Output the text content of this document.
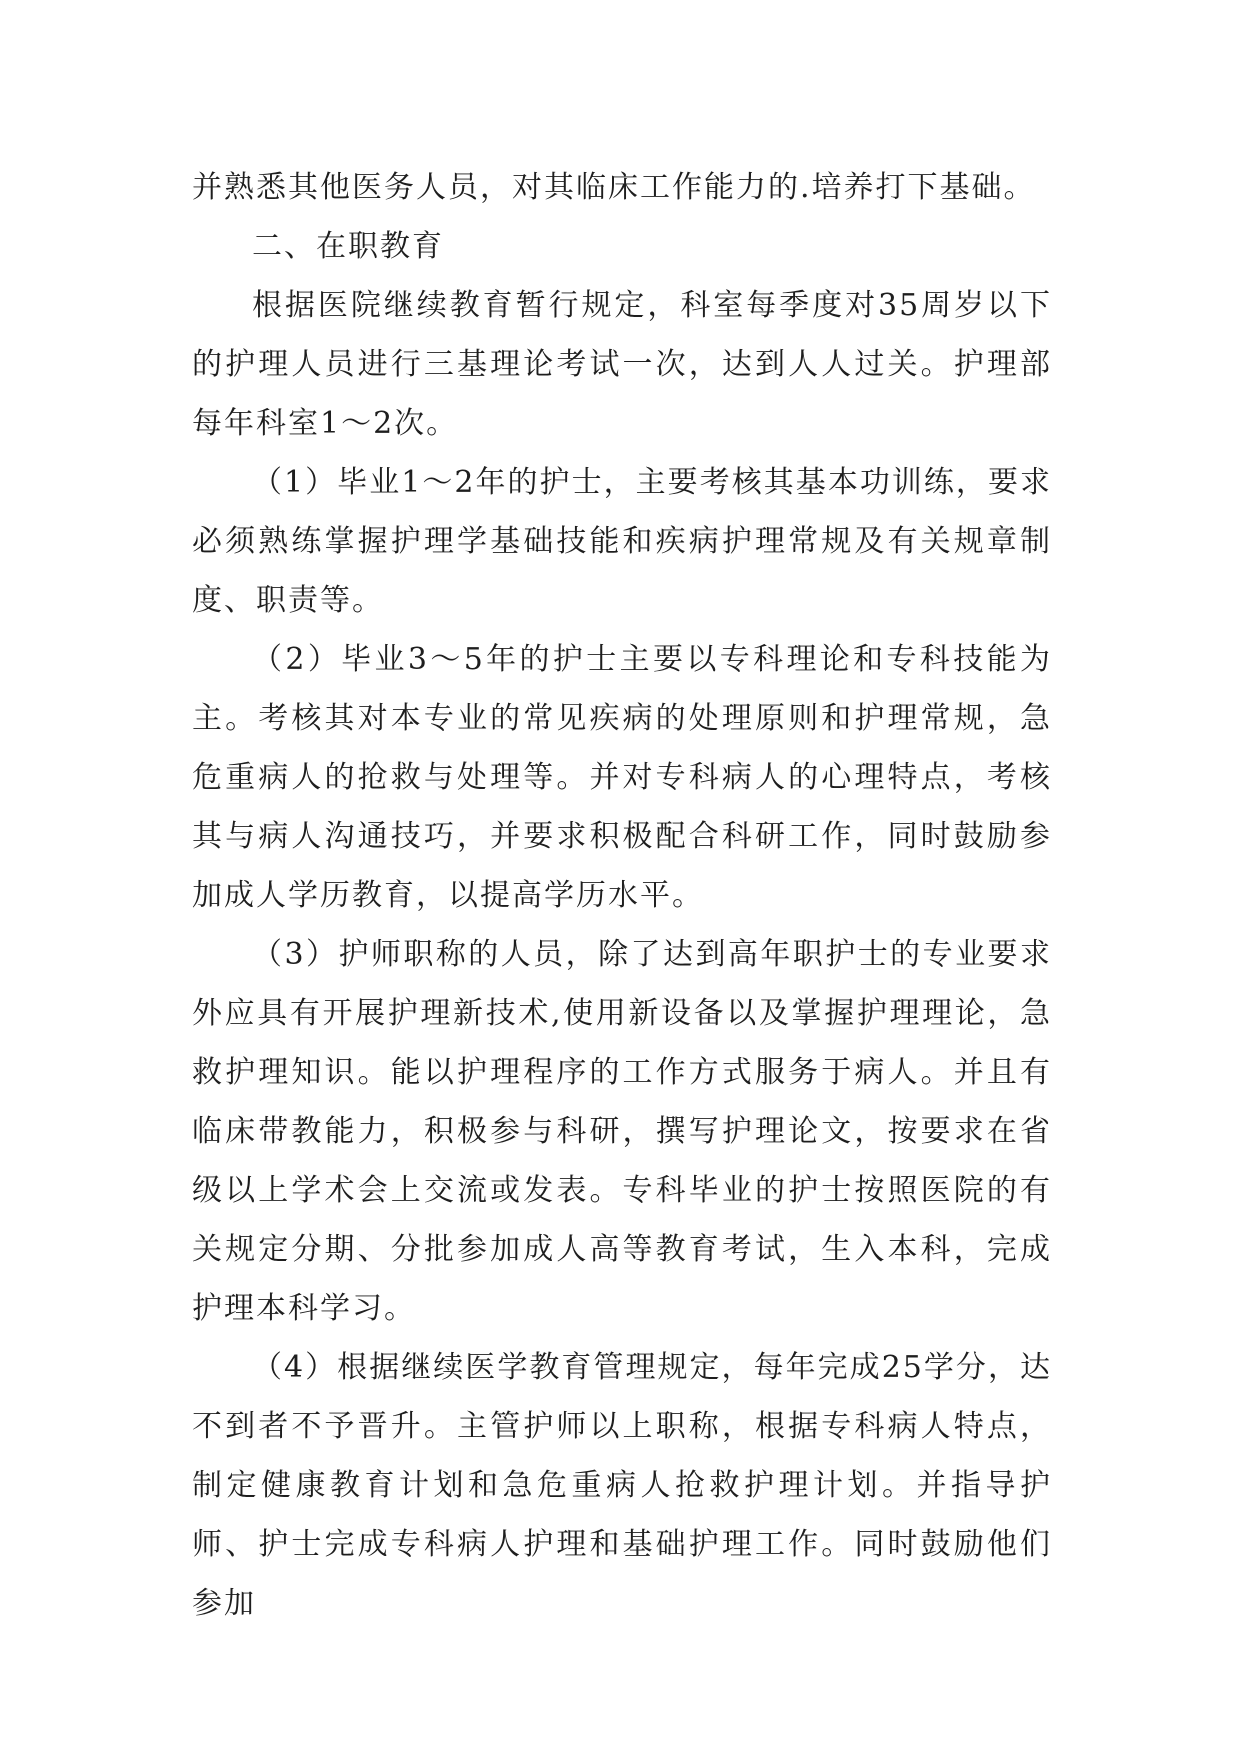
并熟悉其他医务人员，对其临床工作能力的.培养打下基础。

二、在职教育

根据医院继续教育暂行规定，科室每季度对35周岁以下的护理人员进行三基理论考试一次，达到人人过关。护理部每年科室1～2次。

（1）毕业1～2年的护士，主要考核其基本功训练，要求必须熟练掌握护理学基础技能和疾病护理常规及有关规章制度、职责等。

（2）毕业3～5年的护士主要以专科理论和专科技能为主。考核其对本专业的常见疾病的处理原则和护理常规，急危重病人的抢救与处理等。并对专科病人的心理特点，考核其与病人沟通技巧，并要求积极配合科研工作，同时鼓励参加成人学历教育，以提高学历水平。

（3）护师职称的人员，除了达到高年职护士的专业要求外应具有开展护理新技术,使用新设备以及掌握护理理论，急救护理知识。能以护理程序的工作方式服务于病人。并且有临床带教能力，积极参与科研，撰写护理论文，按要求在省级以上学术会上交流或发表。专科毕业的护士按照医院的有关规定分期、分批参加成人高等教育考试，生入本科，完成护理本科学习。

（4）根据继续医学教育管理规定，每年完成25学分，达不到者不予晋升。主管护师以上职称，根据专科病人特点，制定健康教育计划和急危重病人抢救护理计划。并指导护师、护士完成专科病人护理和基础护理工作。同时鼓励他们参加
